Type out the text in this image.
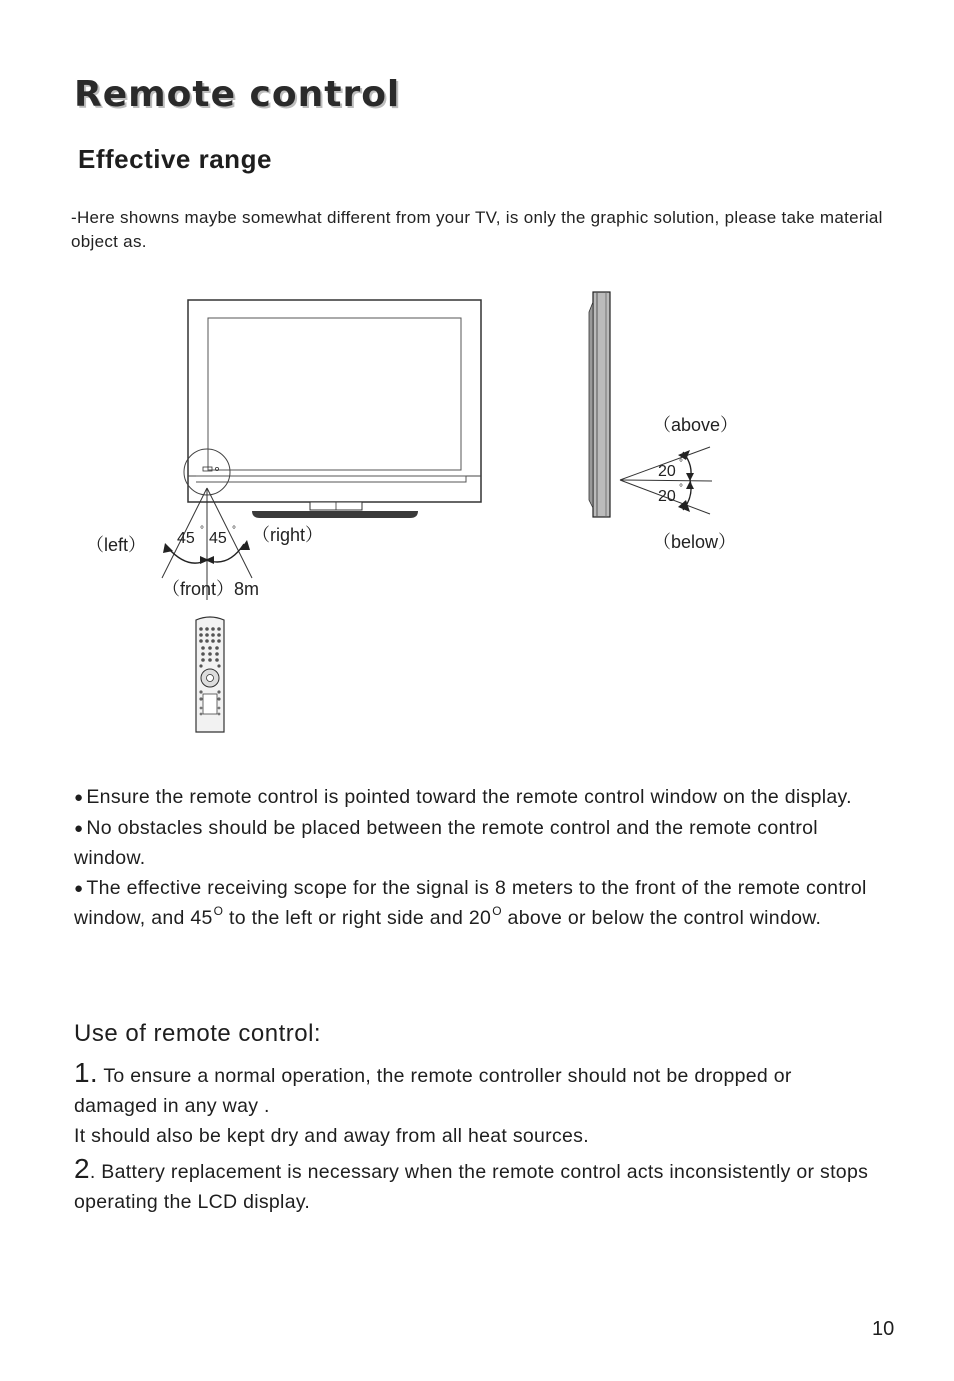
Remote control
Effective range
-Here showns maybe somewhat different from your TV, is only the graphic solution, please take material object as.
（left）	（right）
45 ° 45 °
（front）8m
（above）
20 °
20 °
（below）

● Ensure the remote control is pointed toward the remote control window on the display.

● No obstacles should be placed between the remote control and the remote control window.

● The effective receiving scope for the signal is 8 meters to the front of the remote control window, and $45^O$ to the left or right side and $20^O$ above or below the control window.

Use of remote control:

1. To ensure a normal operation, the remote controller should not be dropped or damaged in any way .

It should also be kept dry and away from all heat sources.

2. Battery replacement is necessary when the remote control acts inconsistently or stops operating the LCD display.

10
